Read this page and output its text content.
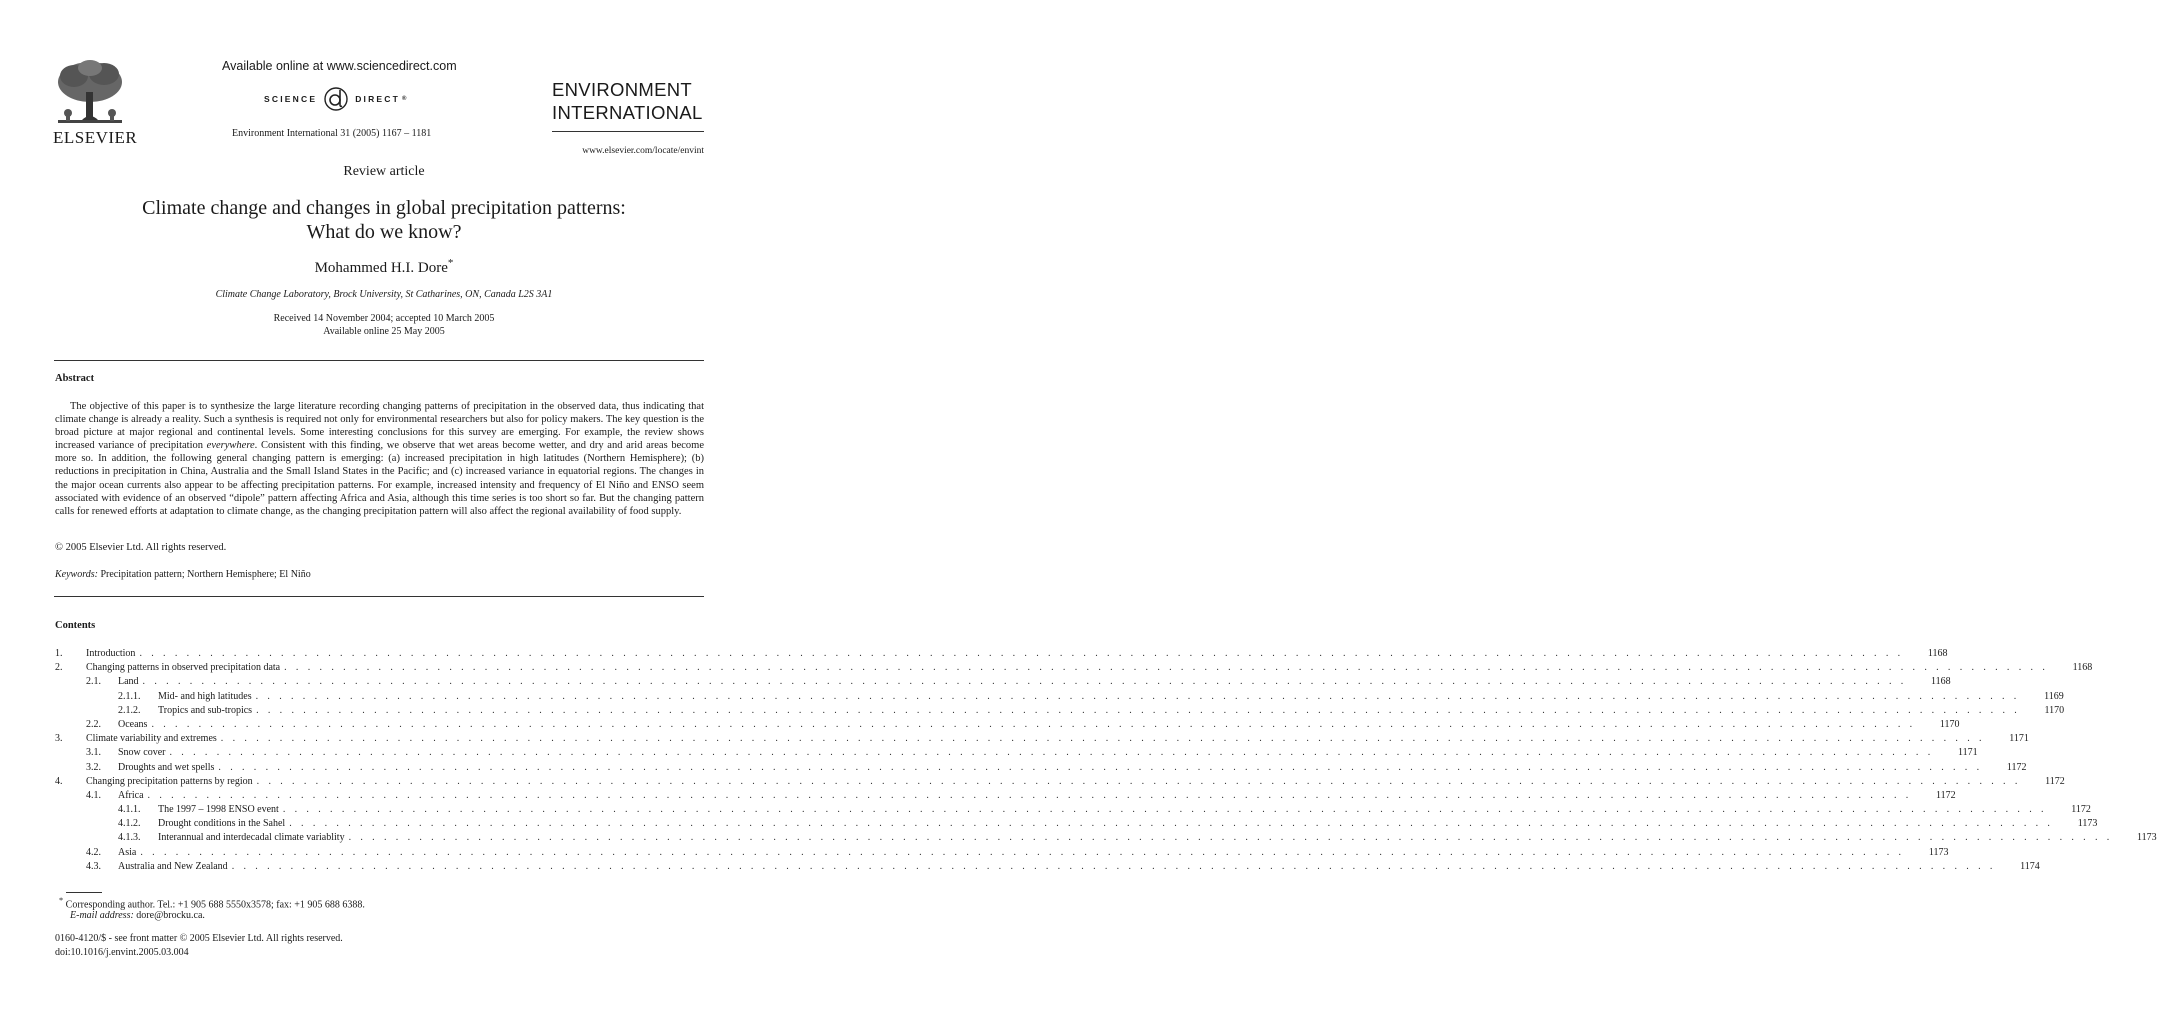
ELSEVIER
Available online at www.sciencedirect.com
SCIENCE	DIRECT ®
Environment International 31 (2005) 1167 – 1181
ENVIRONMENT
INTERNATIONAL
www.elsevier.com/locate/envint
Review article
Climate change and changes in global precipitation patterns:
What do we know?
Mohammed H.I. Dore*
Climate Change Laboratory, Brock University, St Catharines, ON, Canada L2S 3A1
Received 14 November 2004; accepted 10 March 2005
Available online 25 May 2005
Abstract
The objective of this paper is to synthesize the large literature recording changing patterns of precipitation in the observed data, thus indicating that climate change is already a reality. Such a synthesis is required not only for environmental researchers but also for policy makers. The key question is the broad picture at major regional and continental levels. Some interesting conclusions for this survey are emerging. For example, the review shows increased variance of precipitation everywhere. Consistent with this finding, we observe that wet areas become wetter, and dry and arid areas become more so. In addition, the following general changing pattern is emerging: (a) increased precipitation in high latitudes (Northern Hemisphere); (b) reductions in precipitation in China, Australia and the Small Island States in the Pacific; and (c) increased variance in equatorial regions. The changes in the major ocean currents also appear to be affecting precipitation patterns. For example, increased intensity and frequency of El Niño and ENSO seem associated with evidence of an observed “dipole” pattern affecting Africa and Asia, although this time series is too short so far. But the changing pattern calls for renewed efforts at adaptation to climate change, as the changing precipitation pattern will also affect the regional availability of food supply.
© 2005 Elsevier Ltd. All rights reserved.
Keywords: Precipitation pattern; Northern Hemisphere; El Niño
Contents
1.	Introduction . . . . . . . . . . . . . . . . . . . . . . . . . . . . . . . . . . . . . . . . . . . . . . . . . . . . . . . . . . . . . . . . . . . . . . . . . . . . . . . . . . . . . . . . . . . . . . . . . . . . . . . . . . . . . . . . . . . . . . . . . . . . . . . . . . . . . . . . . . . . . . . . . . . . . .	1168
2.	Changing patterns in observed precipitation data . . . . . . . . . . . . . . . . . . . . . . . . . . . . . . . . . . . . . . . . . . . . . . . . . . . . . . . . . . . . . . . . . . . . . . . . . . . . . . . . . . . . . . . . . . . . . . . . . . . . . . . . . . . . . . . . . . . . . . . . . . . . . . . . . . . . . . . . . . . . . . . . . . . . . .	1168
2.1.	Land . . . . . . . . . . . . . . . . . . . . . . . . . . . . . . . . . . . . . . . . . . . . . . . . . . . . . . . . . . . . . . . . . . . . . . . . . . . . . . . . . . . . . . . . . . . . . . . . . . . . . . . . . . . . . . . . . . . . . . . . . . . . . . . . . . . . . . . . . . . . . . . . . . . . . .	1168
2.1.1.	Mid- and high latitudes . . . . . . . . . . . . . . . . . . . . . . . . . . . . . . . . . . . . . . . . . . . . . . . . . . . . . . . . . . . . . . . . . . . . . . . . . . . . . . . . . . . . . . . . . . . . . . . . . . . . . . . . . . . . . . . . . . . . . . . . . . . . . . . . . . . . . . . . . . . . . . . . . . . . . .	1169
2.1.2.	Tropics and sub-tropics . . . . . . . . . . . . . . . . . . . . . . . . . . . . . . . . . . . . . . . . . . . . . . . . . . . . . . . . . . . . . . . . . . . . . . . . . . . . . . . . . . . . . . . . . . . . . . . . . . . . . . . . . . . . . . . . . . . . . . . . . . . . . . . . . . . . . . . . . . . . . . . . . . . . . .	1170
2.2.	Oceans . . . . . . . . . . . . . . . . . . . . . . . . . . . . . . . . . . . . . . . . . . . . . . . . . . . . . . . . . . . . . . . . . . . . . . . . . . . . . . . . . . . . . . . . . . . . . . . . . . . . . . . . . . . . . . . . . . . . . . . . . . . . . . . . . . . . . . . . . . . . . . . . . . . . . .	1170
3.	Climate variability and extremes . . . . . . . . . . . . . . . . . . . . . . . . . . . . . . . . . . . . . . . . . . . . . . . . . . . . . . . . . . . . . . . . . . . . . . . . . . . . . . . . . . . . . . . . . . . . . . . . . . . . . . . . . . . . . . . . . . . . . . . . . . . . . . . . . . . . . . . . . . . . . . . . . . . . . .	1171
3.1.	Snow cover . . . . . . . . . . . . . . . . . . . . . . . . . . . . . . . . . . . . . . . . . . . . . . . . . . . . . . . . . . . . . . . . . . . . . . . . . . . . . . . . . . . . . . . . . . . . . . . . . . . . . . . . . . . . . . . . . . . . . . . . . . . . . . . . . . . . . . . . . . . . . . . . . . . . . .	1171
3.2.	Droughts and wet spells . . . . . . . . . . . . . . . . . . . . . . . . . . . . . . . . . . . . . . . . . . . . . . . . . . . . . . . . . . . . . . . . . . . . . . . . . . . . . . . . . . . . . . . . . . . . . . . . . . . . . . . . . . . . . . . . . . . . . . . . . . . . . . . . . . . . . . . . . . . . . . . . . . . . . .	1172
4.	Changing precipitation patterns by region . . . . . . . . . . . . . . . . . . . . . . . . . . . . . . . . . . . . . . . . . . . . . . . . . . . . . . . . . . . . . . . . . . . . . . . . . . . . . . . . . . . . . . . . . . . . . . . . . . . . . . . . . . . . . . . . . . . . . . . . . . . . . . . . . . . . . . . . . . . . . . . . . . . . . .	1172
4.1.	Africa . . . . . . . . . . . . . . . . . . . . . . . . . . . . . . . . . . . . . . . . . . . . . . . . . . . . . . . . . . . . . . . . . . . . . . . . . . . . . . . . . . . . . . . . . . . . . . . . . . . . . . . . . . . . . . . . . . . . . . . . . . . . . . . . . . . . . . . . . . . . . . . . . . . . . .	1172
4.1.1.	The 1997 – 1998 ENSO event . . . . . . . . . . . . . . . . . . . . . . . . . . . . . . . . . . . . . . . . . . . . . . . . . . . . . . . . . . . . . . . . . . . . . . . . . . . . . . . . . . . . . . . . . . . . . . . . . . . . . . . . . . . . . . . . . . . . . . . . . . . . . . . . . . . . . . . . . . . . . . . . . . . . . .	1172
4.1.2.	Drought conditions in the Sahel . . . . . . . . . . . . . . . . . . . . . . . . . . . . . . . . . . . . . . . . . . . . . . . . . . . . . . . . . . . . . . . . . . . . . . . . . . . . . . . . . . . . . . . . . . . . . . . . . . . . . . . . . . . . . . . . . . . . . . . . . . . . . . . . . . . . . . . . . . . . . . . . . . . . . .	1173
4.1.3.	Interannual and interdecadal climate variablity . . . . . . . . . . . . . . . . . . . . . . . . . . . . . . . . . . . . . . . . . . . . . . . . . . . . . . . . . . . . . . . . . . . . . . . . . . . . . . . . . . . . . . . . . . . . . . . . . . . . . . . . . . . . . . . . . . . . . . . . . . . . . . . . . . . . . . . . . . . . . . . . . . . . . .	1173
4.2.	Asia . . . . . . . . . . . . . . . . . . . . . . . . . . . . . . . . . . . . . . . . . . . . . . . . . . . . . . . . . . . . . . . . . . . . . . . . . . . . . . . . . . . . . . . . . . . . . . . . . . . . . . . . . . . . . . . . . . . . . . . . . . . . . . . . . . . . . . . . . . . . . . . . . . . . . .	1173
4.3.	Australia and New Zealand . . . . . . . . . . . . . . . . . . . . . . . . . . . . . . . . . . . . . . . . . . . . . . . . . . . . . . . . . . . . . . . . . . . . . . . . . . . . . . . . . . . . . . . . . . . . . . . . . . . . . . . . . . . . . . . . . . . . . . . . . . . . . . . . . . . . . . . . . . . . . . . . . . . . . .	1174
* Corresponding author. Tel.: +1 905 688 5550x3578; fax: +1 905 688 6388.
E-mail address: dore@brocku.ca.
0160-4120/$ - see front matter © 2005 Elsevier Ltd. All rights reserved.
doi:10.1016/j.envint.2005.03.004
